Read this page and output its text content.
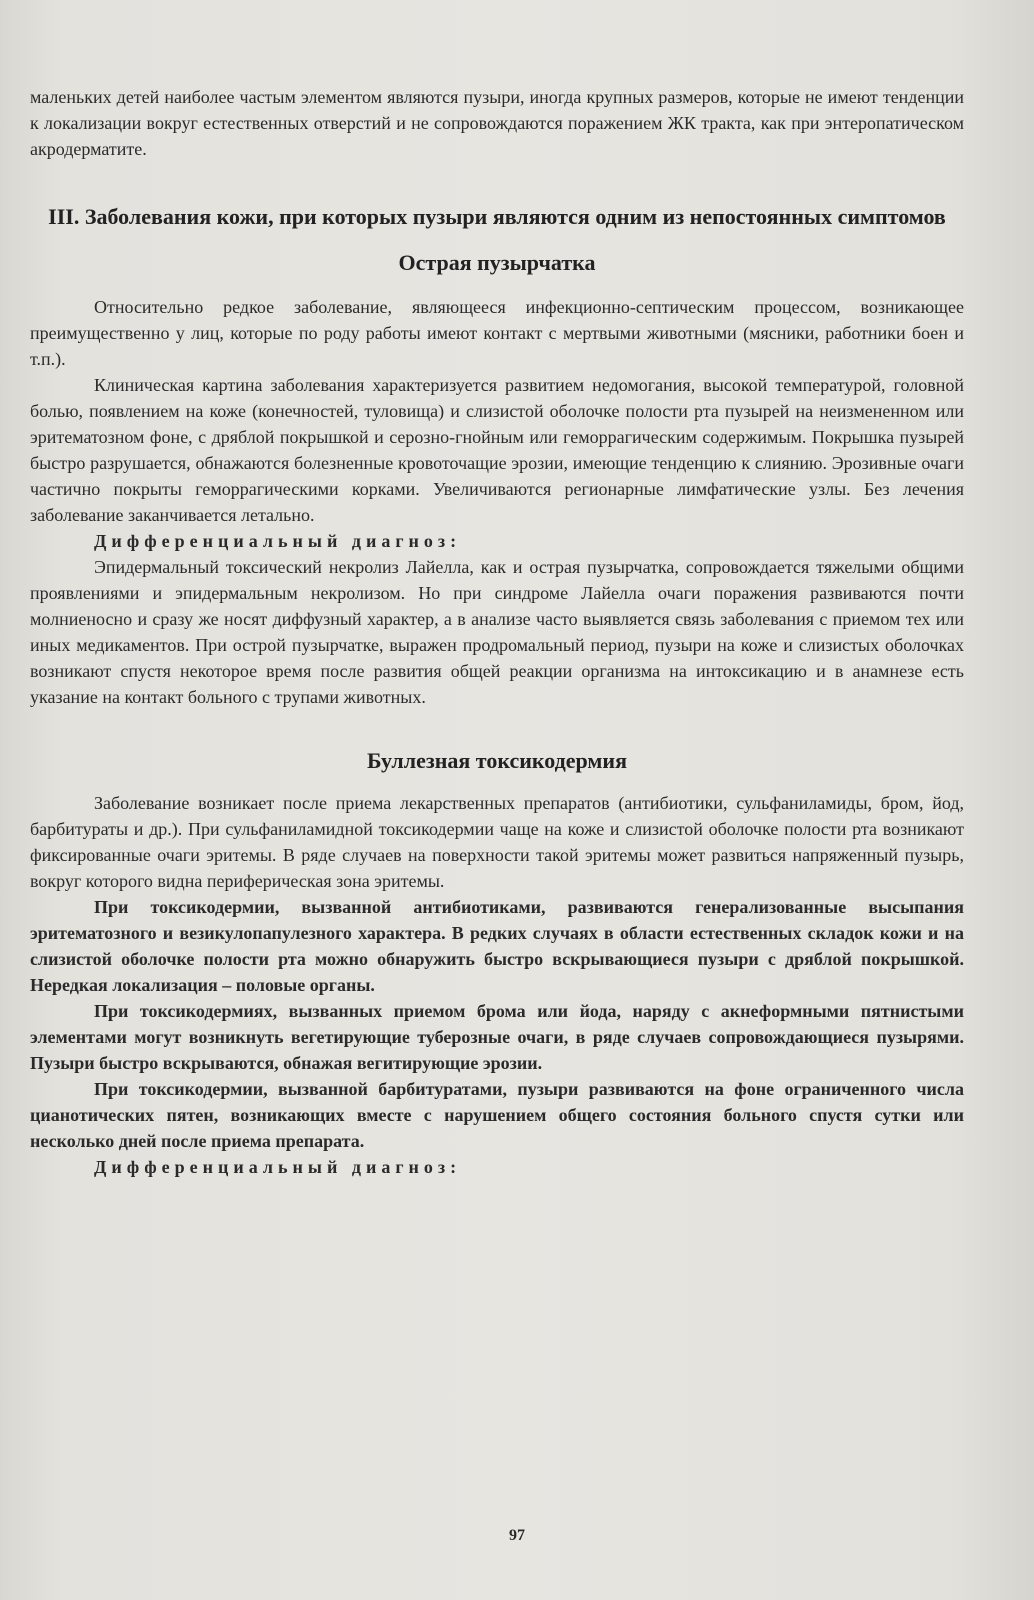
маленьких детей наиболее частым элементом являются пузыри, иногда крупных размеров, которые не имеют тенденции к локализации вокруг естественных отверстий и не сопровождаются поражением ЖК тракта, как при энтеропатическом акродерматите.

III. Заболевания кожи, при которых пузыри являются одним из непостоянных симптомов
Острая пузырчатка

Относительно редкое заболевание, являющееся инфекционно-септическим процессом, возникающее преимущественно у лиц, которые по роду работы имеют контакт с мертвыми животными (мясники, работники боен и т.п.).

Клиническая картина заболевания характеризуется развитием недомогания, высокой температурой, головной болью, появлением на коже (конечностей, туловища) и слизистой оболочке полости рта пузырей на неизмененном или эритематозном фоне, с дряблой покрышкой и серозно-гнойным или геморрагическим содержимым. Покрышка пузырей быстро разрушается, обнажаются болезненные кровоточащие эрозии, имеющие тенденцию к слиянию. Эрозивные очаги частично покрыты геморрагическими корками. Увеличиваются регионарные лимфатические узлы. Без лечения заболевание заканчивается летально.

Дифференциальный диагноз:

Эпидермальный токсический некролиз Лайелла, как и острая пузырчатка, сопровождается тяжелыми общими проявлениями и эпидермальным некролизом. Но при синдроме Лайелла очаги поражения развиваются почти молниеносно и сразу же носят диффузный характер, а в анализе часто выявляется связь заболевания с приемом тех или иных медикаментов. При острой пузырчатке, выражен продромальный период, пузыри на коже и слизистых оболочках возникают спустя некоторое время после развития общей реакции организма на интоксикацию и в анамнезе есть указание на контакт больного с трупами животных.

Буллезная токсикодермия

Заболевание возникает после приема лекарственных препаратов (антибиотики, сульфаниламиды, бром, йод, барбитураты и др.). При сульфаниламидной токсикодермии чаще на коже и слизистой оболочке полости рта возникают фиксированные очаги эритемы. В ряде случаев на поверхности такой эритемы может развиться напряженный пузырь, вокруг которого видна периферическая зона эритемы.

При токсикодермии, вызванной антибиотиками, развиваются генерализованные высыпания эритематозного и везикулопапулезного характера. В редких случаях в области естественных складок кожи и на слизистой оболочке полости рта можно обнаружить быстро вскрывающиеся пузыри с дряблой покрышкой. Нередкая локализация – половые органы.

При токсикодермиях, вызванных приемом брома или йода, наряду с акнеформными пятнистыми элементами могут возникнуть вегетирующие туберозные очаги, в ряде случаев сопровождающиеся пузырями. Пузыри быстро вскрываются, обнажая вегитирующие эрозии.

При токсикодермии, вызванной барбитуратами, пузыри развиваются на фоне ограниченного числа цианотических пятен, возникающих вместе с нарушением общего состояния больного спустя сутки или несколько дней после приема препарата.

Дифференциальный диагноз:

97
